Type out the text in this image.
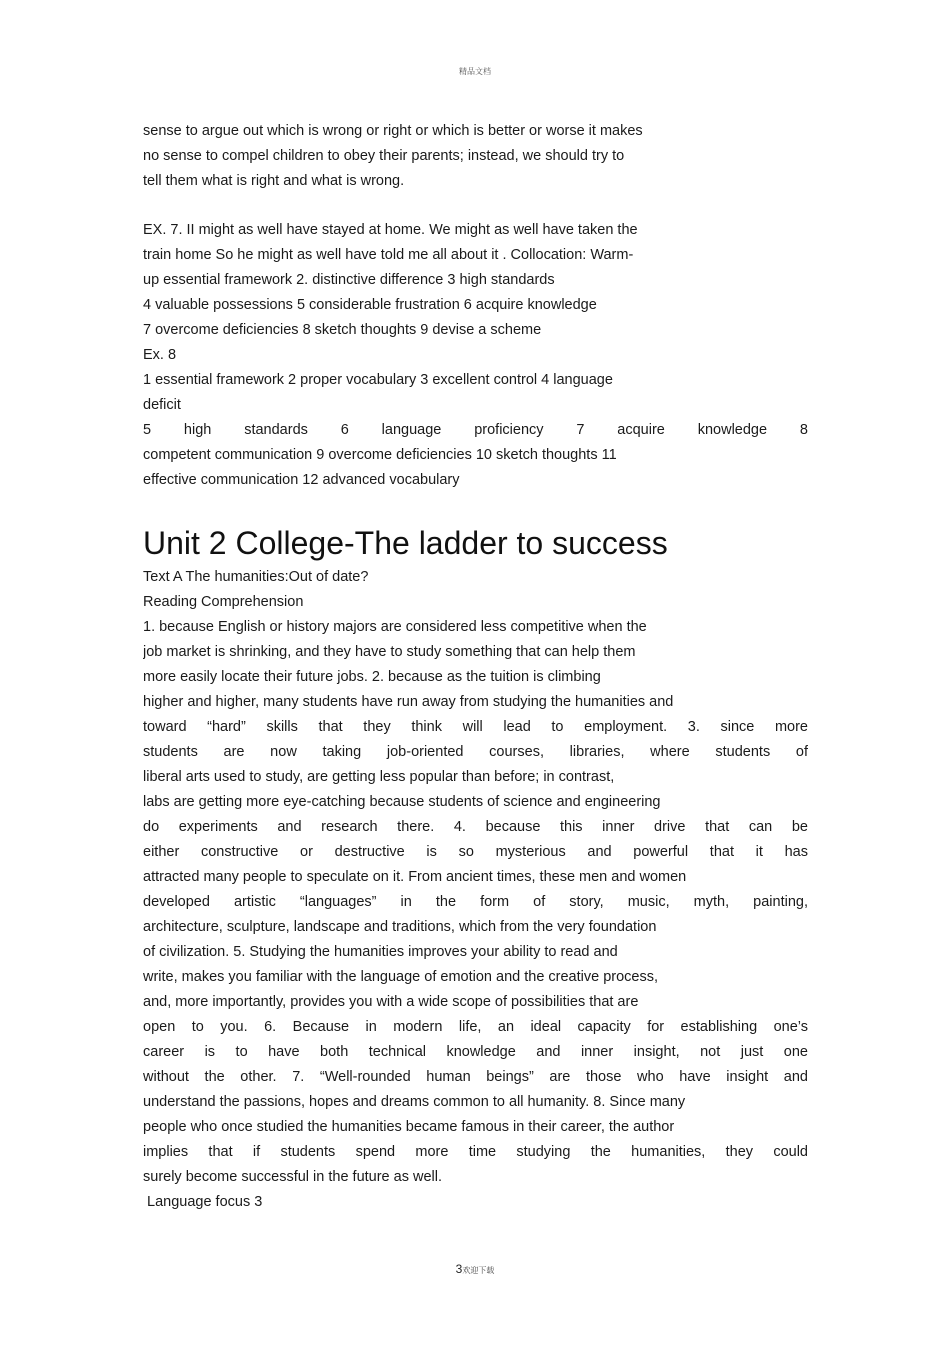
精品文档
sense to argue out which is wrong or right or which is better or worse it makes
no sense to compel children to obey their parents; instead, we should try to
tell them what is right and what is wrong.
EX. 7. II might as well have stayed at home. We might as well have taken the
train home So he might as well have told me all about it . Collocation: Warm-
up essential framework 2. distinctive difference 3 high standards
4 valuable possessions 5 considerable frustration 6 acquire knowledge
7 overcome deficiencies 8 sketch thoughts 9 devise a scheme
Ex. 8
1 essential framework 2 proper vocabulary 3 excellent control 4 language
deficit
5 high standards 6 language proficiency 7 acquire knowledge 8
competent communication 9 overcome deficiencies 10 sketch thoughts 11
effective communication 12 advanced vocabulary
Unit 2 College-The ladder to success
Text A The humanities:Out of date?
Reading Comprehension
1. because English or history majors are considered less competitive when the
job market is shrinking, and they have to study something that can help them
more easily locate their future jobs. 2. because as the tuition is climbing
higher and higher, many students have run away from studying the humanities and
toward “hard” skills that they think will lead to employment. 3. since more
students are now taking job-oriented courses, libraries, where students of
liberal arts used to study, are getting less popular than before; in contrast,
labs are getting more eye-catching because students of science and engineering
do experiments and research there. 4. because this inner drive that can be
either constructive or destructive is so mysterious and powerful that it has
attracted many people to speculate on it. From ancient times, these men and women
developed artistic “languages” in the form of story, music, myth, painting,
architecture, sculpture, landscape and traditions, which from the very foundation
of civilization. 5. Studying the humanities improves your ability to read and
write, makes you familiar with the language of emotion and the creative process,
and, more importantly, provides you with a wide scope of possibilities that are
open to you. 6. Because in modern life, an ideal capacity for establishing one’s
career is to have both technical knowledge and inner insight, not just one
without the other. 7. “Well-rounded human beings” are those who have insight and
understand the passions, hopes and dreams common to all humanity. 8. Since many
people who once studied the humanities became famous in their career, the author
implies that if students spend more time studying the humanities, they could
surely become successful in the future as well.
Language focus 3
3欢迎下载
